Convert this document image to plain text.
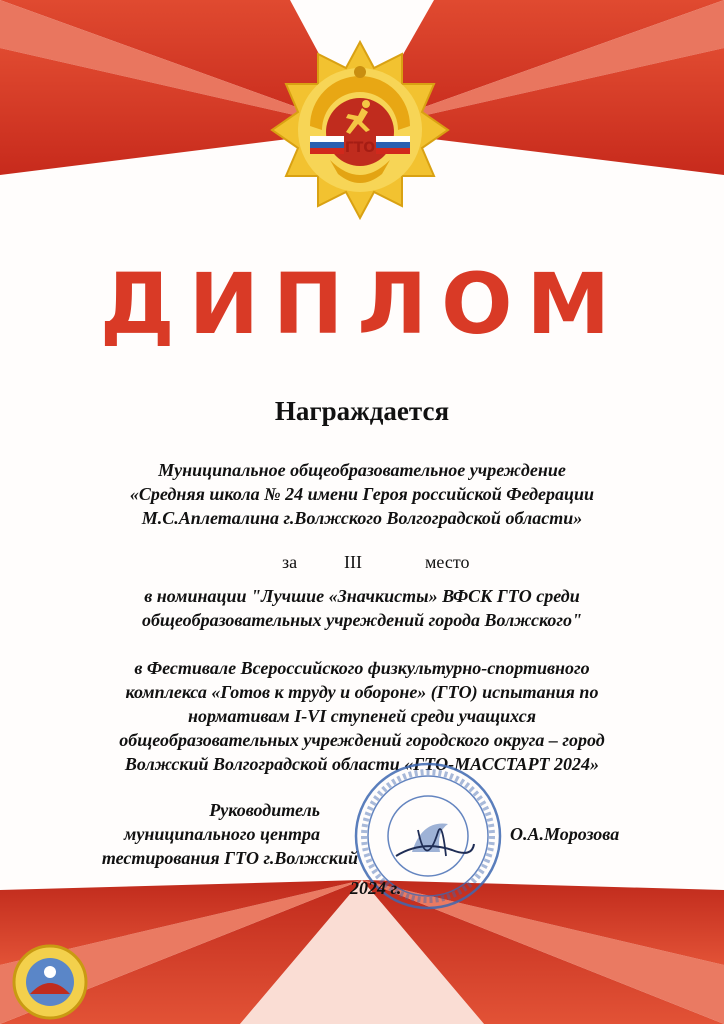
ГТО
ДИПЛОМ
Награждается
Муниципальное общеобразовательное учреждение
«Средняя школа № 24 имени Героя российской Федерации
М.С.Аплеталина г.Волжского Волгоградской области»
за	III	место
в номинации "Лучшие «Значкисты» ВФСК ГТО среди
общеобразовательных учреждений города Волжского"
в Фестивале Всероссийского физкультурно-спортивного
комплекса «Готов к труду и обороне» (ГТО) испытания по
нормативам I-VI ступеней среди учащихся
общеобразовательных учреждений городского округа – город
Волжский Волгоградской области «ГТО-МАССТАРТ 2024»
Руководитель
муниципального центра
тестирования ГТО г.Волжский
О.А.Морозова
2024 г.
